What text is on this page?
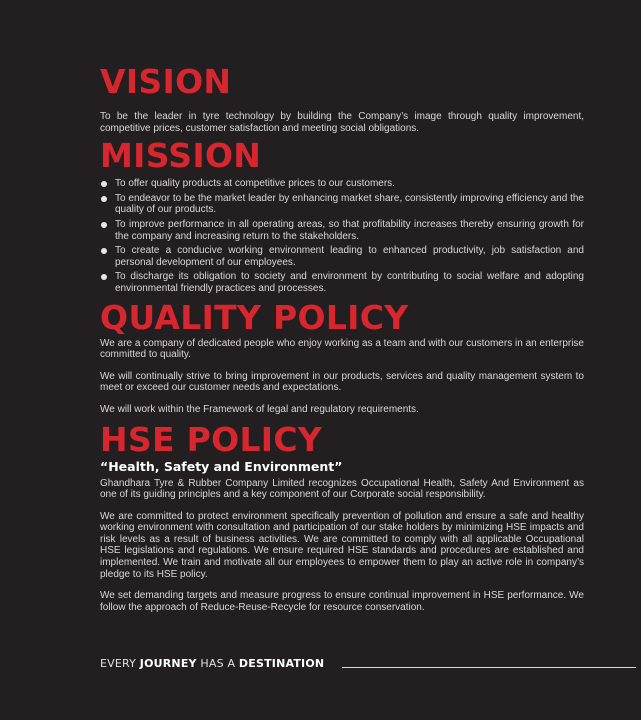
VISION

To be the leader in tyre technology by building the Company’s image through quality improvement, competitive prices, customer satisfaction and meeting social obligations.

MISSION
To offer quality products at competitive prices to our customers.
To endeavor to be the market leader by enhancing market share, consistently improving efficiency and the quality of our products.
To improve performance in all operating areas, so that profitability increases thereby ensuring growth for the company and increasing return to the stakeholders.
To create a conducive working environment leading to enhanced productivity, job satisfaction and personal development of our employees.
To discharge its obligation to society and environment by contributing to social welfare and adopting environmental friendly practices and processes.
QUALITY POLICY

We are a company of dedicated people who enjoy working as a team and with our customers in an enterprise committed to quality.

We will continually strive to bring improvement in our products, services and quality management system to meet or exceed our customer needs and expectations.

We will work within the Framework of legal and regulatory requirements.

HSE POLICY
“Health, Safety and Environment”

Ghandhara Tyre & Rubber Company Limited recognizes Occupational Health, Safety And Environment as one of its guiding principles and a key component of our Corporate social responsibility.

We are committed to protect environment specifically prevention of pollution and ensure a safe and healthy working environment with consultation and participation of our stake holders by minimizing HSE impacts and risk levels as a result of business activities. We are committed to comply with all applicable Occupational HSE legislations and regulations. We ensure required HSE standards and procedures are established and implemented. We train and motivate all our employees to empower them to play an active role in company’s pledge to its HSE policy.

We set demanding targets and measure progress to ensure continual improvement in HSE performance. We follow the approach of Reduce-Reuse-Recycle for resource conservation.

EVERY JOURNEY HAS A DESTINATION
